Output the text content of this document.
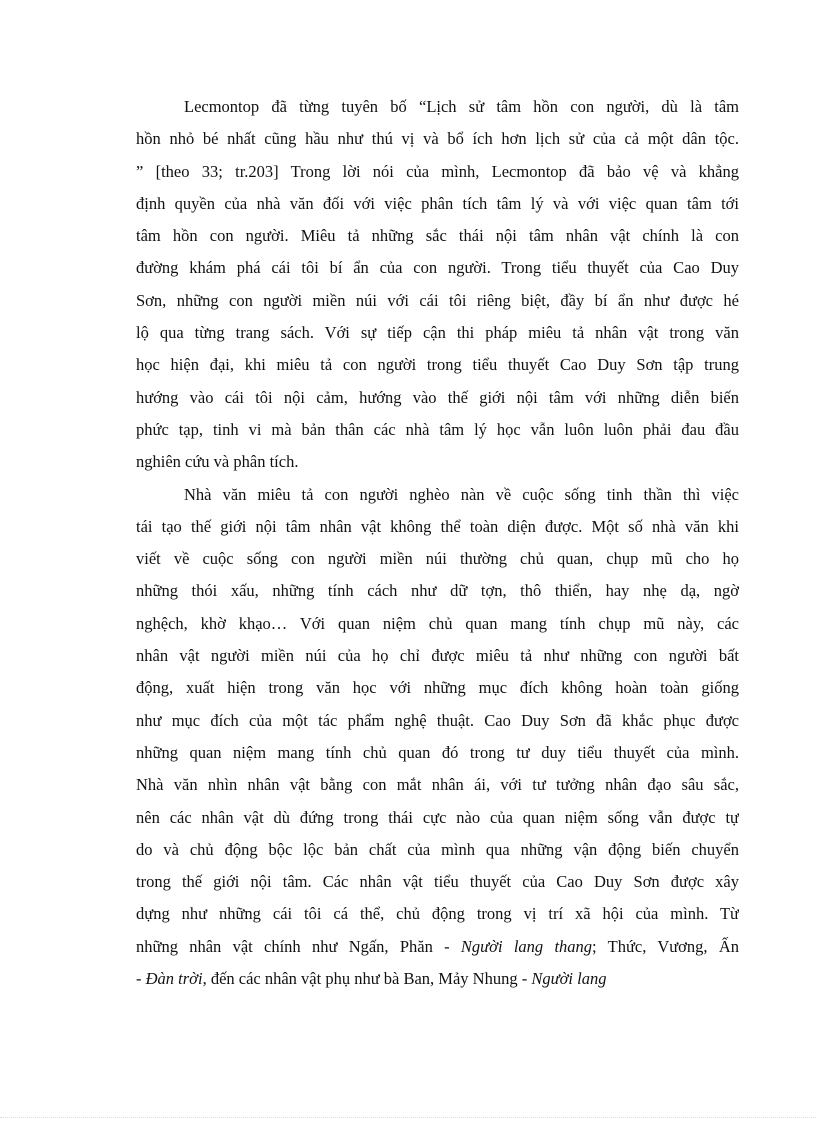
Lecmontop đã từng tuyên bố “Lịch sử tâm hồn con người, dù là tâm
hồn nhỏ bé nhất cũng hầu như thú vị và bổ ích hơn lịch sử của cả một dân tộc.
” [theo 33; tr.203] Trong lời nói của mình, Lecmontop đã bảo vệ và khẳng
định quyền của nhà văn đối với việc phân tích tâm lý và với việc quan tâm tới
tâm hồn con người. Miêu tả những sắc thái nội tâm nhân vật chính là con
đường khám phá cái tôi bí ẩn của con người. Trong tiểu thuyết của Cao Duy
Sơn, những con người miền núi với cái tôi riêng biệt, đầy bí ẩn như được hé
lộ qua từng trang sách. Với sự tiếp cận thi pháp miêu tả nhân vật trong văn
học hiện đại, khi miêu tả con người trong tiểu thuyết Cao Duy Sơn tập trung
hướng vào cái tôi nội cảm, hướng vào thế giới nội tâm với những diễn biến
phức tạp, tinh vi mà bản thân các nhà tâm lý học vẫn luôn luôn phải đau đầu
nghiên cứu và phân tích.
Nhà văn miêu tả con người nghèo nàn về cuộc sống tinh thần thì việc
tái tạo thế giới nội tâm nhân vật không thể toàn diện được. Một số nhà văn khi
viết về cuộc sống con người miền núi thường chủ quan, chụp mũ cho họ
những thói xấu, những tính cách như dữ tợn, thô thiển, hay nhẹ dạ, ngờ
nghệch, khờ khạo… Với quan niệm chủ quan mang tính chụp mũ này, các
nhân vật người miền núi của họ chỉ được miêu tả như những con người bất
động, xuất hiện trong văn học với những mục đích không hoàn toàn giống
như mục đích của một tác phẩm nghệ thuật. Cao Duy Sơn đã khắc phục được
những quan niệm mang tính chủ quan đó trong tư duy tiểu thuyết của mình.
Nhà văn nhìn nhân vật bằng con mắt nhân ái, với tư tưởng nhân đạo sâu sắc,
nên các nhân vật dù đứng trong thái cực nào của quan niệm sống vẫn được tự
do và chủ động bộc lộc bản chất của mình qua những vận động biến chuyển
trong thế giới nội tâm. Các nhân vật tiểu thuyết của Cao Duy Sơn được xây
dựng như những cái tôi cá thể, chủ động trong vị trí xã hội của mình. Từ
những nhân vật chính như Ngấn, Phăn - Người lang thang; Thức, Vương, Ấn
- Đàn trời, đến các nhân vật phụ như bà Ban, Mảy Nhung - Người lang
